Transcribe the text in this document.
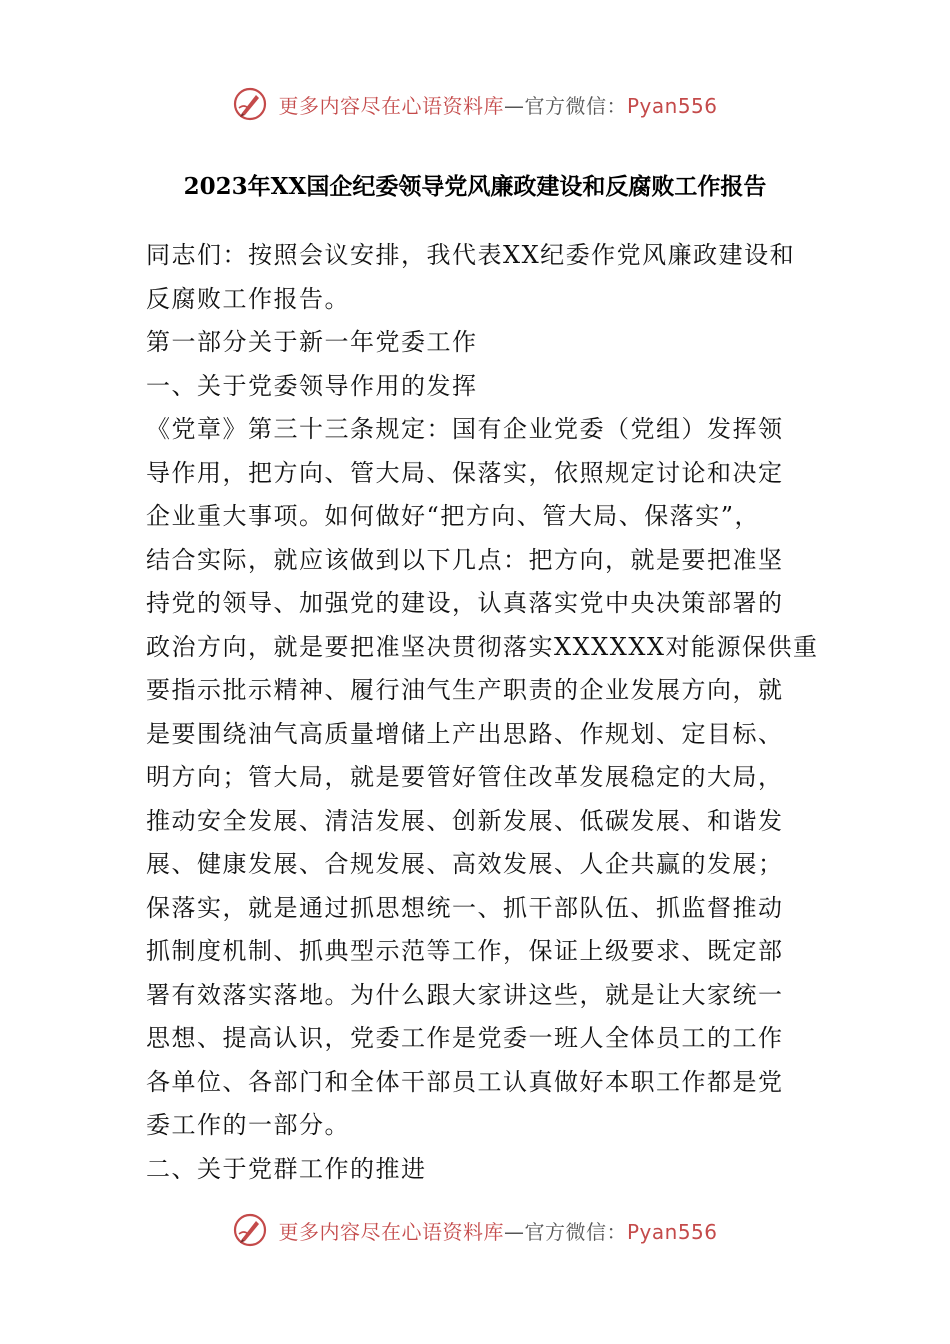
更多内容尽在心语资料库—官方微信：Pyan556
2023年XX国企纪委领导党风廉政建设和反腐败工作报告
同志们：按照会议安排，我代表XX纪委作党风廉政建设和
反腐败工作报告。
第一部分关于新一年党委工作
一、关于党委领导作用的发挥
《党章》第三十三条规定：国有企业党委（党组）发挥领
导作用，把方向、管大局、保落实，依照规定讨论和决定
企业重大事项。如何做好“把方向、管大局、保落实”，
结合实际，就应该做到以下几点：把方向，就是要把准坚
持党的领导、加强党的建设，认真落实党中央决策部署的
政治方向，就是要把准坚决贯彻落实XXXXXX对能源保供重
要指示批示精神、履行油气生产职责的企业发展方向，就
是要围绕油气高质量增储上产出思路、作规划、定目标、
明方向；管大局，就是要管好管住改革发展稳定的大局，
推动安全发展、清洁发展、创新发展、低碳发展、和谐发
展、健康发展、合规发展、高效发展、人企共赢的发展；
保落实，就是通过抓思想统一、抓干部队伍、抓监督推动
抓制度机制、抓典型示范等工作，保证上级要求、既定部
署有效落实落地。为什么跟大家讲这些，就是让大家统一
思想、提高认识，党委工作是党委一班人全体员工的工作
各单位、各部门和全体干部员工认真做好本职工作都是党
委工作的一部分。
二、关于党群工作的推进
更多内容尽在心语资料库—官方微信：Pyan556
